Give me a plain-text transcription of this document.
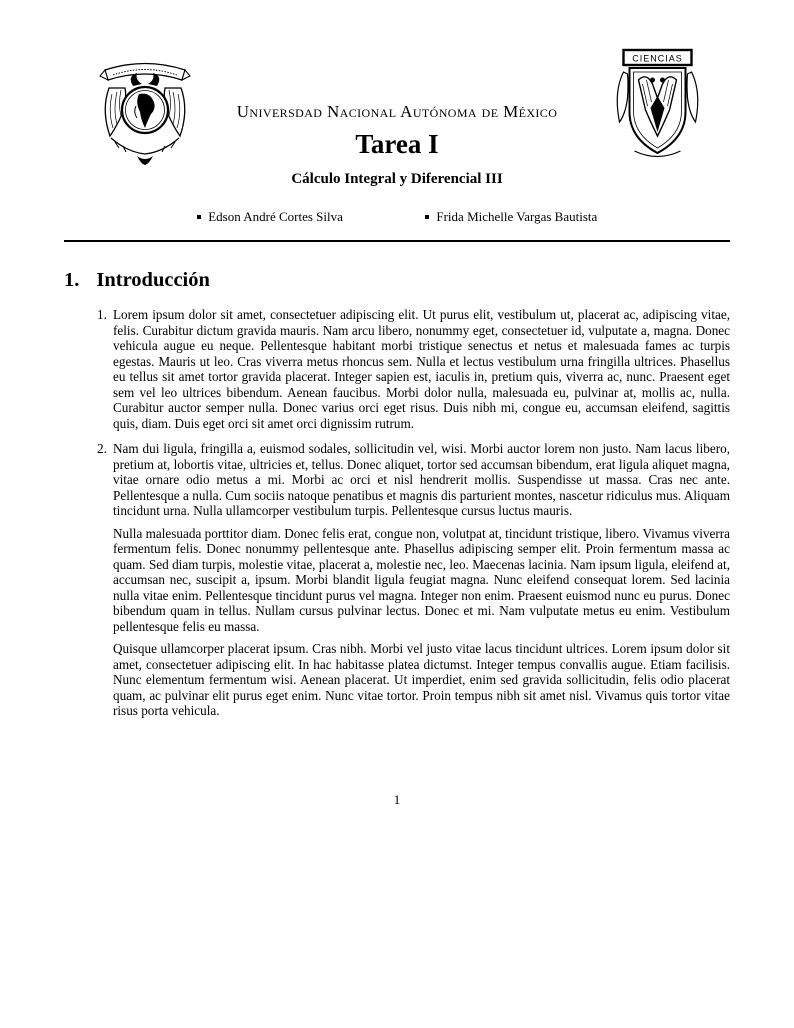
CIENCIAS
Universdad Nacional Autónoma de México
Tarea I
Cálculo Integral y Diferencial III
Edson André Cortes Silva	Frida Michelle Vargas Bautista
1. Introducción
1. Lorem ipsum dolor sit amet, consectetuer adipiscing elit. Ut purus elit, vestibulum ut, placerat ac, adipiscing vitae, felis. Curabitur dictum gravida mauris. Nam arcu libero, nonummy eget, consectetuer id, vulputate a, magna. Donec vehicula augue eu neque. Pellentesque habitant morbi tristique senectus et netus et malesuada fames ac turpis egestas. Mauris ut leo. Cras viverra metus rhoncus sem. Nulla et lectus vestibulum urna fringilla ultrices. Phasellus eu tellus sit amet tortor gravida placerat. Integer sapien est, iaculis in, pretium quis, viverra ac, nunc. Praesent eget sem vel leo ultrices bibendum. Aenean faucibus. Morbi dolor nulla, malesuada eu, pulvinar at, mollis ac, nulla. Curabitur auctor semper nulla. Donec varius orci eget risus. Duis nibh mi, congue eu, accumsan eleifend, sagittis quis, diam. Duis eget orci sit amet orci dignissim rutrum.

2. Nam dui ligula, fringilla a, euismod sodales, sollicitudin vel, wisi. Morbi auctor lorem non justo. Nam lacus libero, pretium at, lobortis vitae, ultricies et, tellus. Donec aliquet, tortor sed accumsan bibendum, erat ligula aliquet magna, vitae ornare odio metus a mi. Morbi ac orci et nisl hendrerit mollis. Suspendisse ut massa. Cras nec ante. Pellentesque a nulla. Cum sociis natoque penatibus et magnis dis parturient montes, nascetur ridiculus mus. Aliquam tincidunt urna. Nulla ullamcorper vestibulum turpis. Pellentesque cursus luctus mauris.

Nulla malesuada porttitor diam. Donec felis erat, congue non, volutpat at, tincidunt tristique, libero. Vivamus viverra fermentum felis. Donec nonummy pellentesque ante. Phasellus adipiscing semper elit. Proin fermentum massa ac quam. Sed diam turpis, molestie vitae, placerat a, molestie nec, leo. Maecenas lacinia. Nam ipsum ligula, eleifend at, accumsan nec, suscipit a, ipsum. Morbi blandit ligula feugiat magna. Nunc eleifend consequat lorem. Sed lacinia nulla vitae enim. Pellentesque tincidunt purus vel magna. Integer non enim. Praesent euismod nunc eu purus. Donec bibendum quam in tellus. Nullam cursus pulvinar lectus. Donec et mi. Nam vulputate metus eu enim. Vestibulum pellentesque felis eu massa.

Quisque ullamcorper placerat ipsum. Cras nibh. Morbi vel justo vitae lacus tincidunt ultrices. Lorem ipsum dolor sit amet, consectetuer adipiscing elit. In hac habitasse platea dictumst. Integer tempus convallis augue. Etiam facilisis. Nunc elementum fermentum wisi. Aenean placerat. Ut imperdiet, enim sed gravida sollicitudin, felis odio placerat quam, ac pulvinar elit purus eget enim. Nunc vitae tortor. Proin tempus nibh sit amet nisl. Vivamus quis tortor vitae risus porta vehicula.

1
